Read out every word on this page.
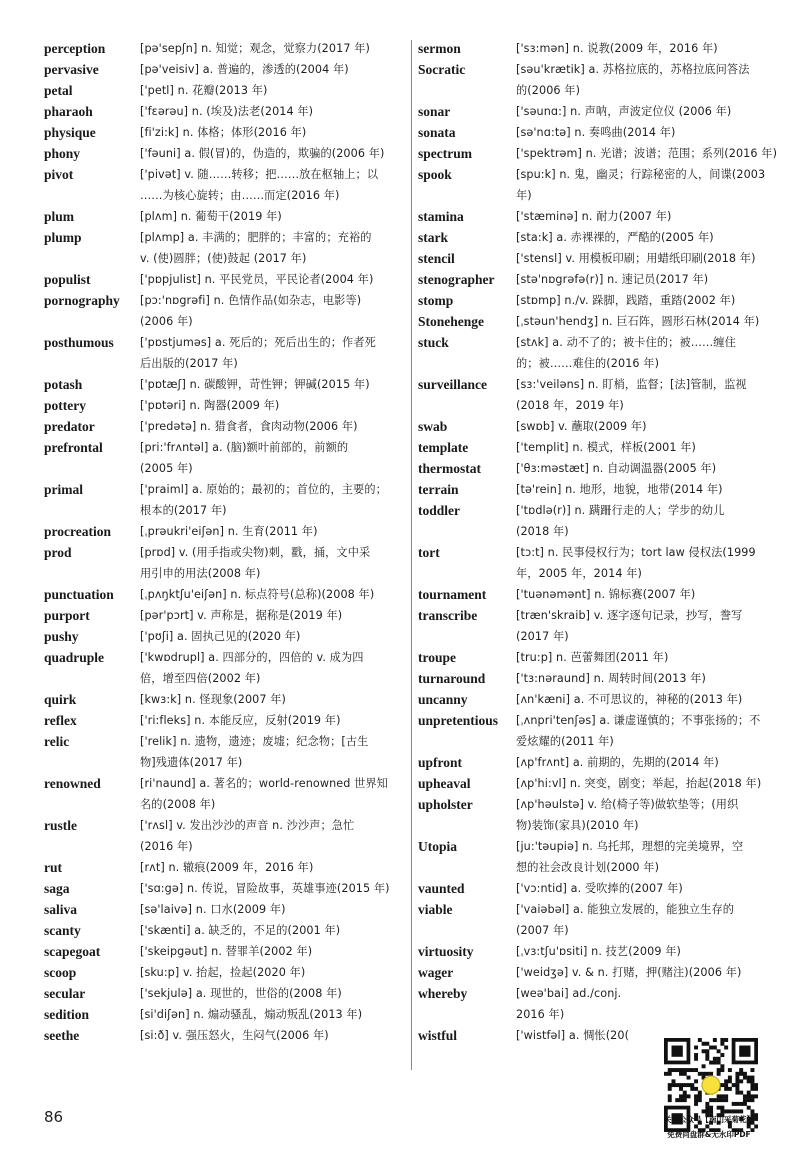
perception	[pə'sepʃn] n. 知觉；观念，觉察力(2017 年)
pervasive	[pə'veisiv] a. 普遍的，渗透的(2004 年)
petal	['petl] n. 花瓣(2013 年)
pharaoh	['fɛərəu] n. (埃及)法老(2014 年)
physique	[fi'zi:k] n. 体格；体形(2016 年)
phony	['fəuni] a. 假(冒)的，伪造的，欺骗的(2006 年)
pivot	['pivət] v. 随……转移；把……放在枢轴上；以
……为核心旋转；由……而定(2016 年)
plum	[plʌm] n. 葡萄干(2019 年)
plump	[plʌmp] a. 丰满的；肥胖的；丰富的；充裕的
v. (使)圆胖；(使)鼓起 (2017 年)
populist	['pɒpjulist] n. 平民党员，平民论者(2004 年)
pornography	[pɔ:'nɒgrəfi] n. 色情作品(如杂志，电影等)
(2006 年)
posthumous	['pɒstjuməs] a. 死后的；死后出生的；作者死
后出版的(2017 年)
potash	['pɒtæʃ] n. 碳酸钾，苛性钾；钾碱(2015 年)
pottery	['pɒtəri] n. 陶器(2009 年)
predator	['predətə] n. 猎食者，食肉动物(2006 年)
prefrontal	[pri:'frʌntəl] a. (脑)额叶前部的，前额的
(2005 年)
primal	['praiml] a. 原始的；最初的；首位的，主要的；
根本的(2017 年)
procreation	[ˌprəukri'eiʃən] n. 生育(2011 年)
prod	[prɒd] v. (用手指或尖物)刺，戳，捅，文中采
用引申的用法(2008 年)
punctuation	[ˌpʌŋktʃu'eiʃən] n. 标点符号(总称)(2008 年)
purport	[pər'pɔrt] v. 声称是，据称是(2019 年)
pushy	['pʊʃi] a. 固执己见的(2020 年)
quadruple	['kwɒdrupl] a. 四部分的，四倍的 v. 成为四
倍，增至四倍(2002 年)
quirk	[kwɜ:k] n. 怪现象(2007 年)
reflex	['ri:fleks] n. 本能反应，反射(2019 年)
relic	['relik] n. 遗物，遗迹；废墟；纪念物；[古生
物]残遗体(2017 年)
renowned	[ri'naund] a. 著名的；world-renowned 世界知
名的(2008 年)
rustle	['rʌsl] v. 发出沙沙的声音 n. 沙沙声；急忙
(2016 年)
rut	[rʌt] n. 辙痕(2009 年，2016 年)
saga	['sɑ:gə] n. 传说，冒险故事，英雄事迹(2015 年)
saliva	[sə'laivə] n. 口水(2009 年)
scanty	['skænti] a. 缺乏的，不足的(2001 年)
scapegoat	['skeipgəut] n. 替罪羊(2002 年)
scoop	[sku:p] v. 抬起，捡起(2020 年)
secular	['sekjulə] a. 现世的，世俗的(2008 年)
sedition	[si'diʃən] n. 煽动骚乱，煽动叛乱(2013 年)
seethe	[si:ð] v. 强压怒火，生闷气(2006 年)
sermon	['sɜ:mən] n. 说教(2009 年，2016 年)
Socratic	[səu'krætik] a. 苏格拉底的，苏格拉底问答法
的(2006 年)
sonar	['səunɑ:] n. 声呐，声波定位仪 (2006 年)
sonata	[sə'nɑ:tə] n. 奏鸣曲(2014 年)
spectrum	['spektrəm] n. 光谱；波谱；范围；系列(2016 年)
spook	[spu:k] n. 鬼，幽灵；行踪秘密的人，间谍(2003
年)
stamina	['stæminə] n. 耐力(2007 年)
stark	[sta:k] a. 赤裸裸的，严酷的(2005 年)
stencil	['stensl] v. 用模板印刷；用蜡纸印刷(2018 年)
stenographer	[stə'nɒgrəfə(r)] n. 速记员(2017 年)
stomp	[stɒmp] n./v. 跺脚，践踏，重踏(2002 年)
Stonehenge	[ˌstəun'hendʒ] n. 巨石阵，圆形石林(2014 年)
stuck	[stʌk] a. 动不了的；被卡住的；被……缠住
的；被……难住的(2016 年)
surveillance	[sɜ:'veiləns] n. 盯梢，监督；[法]管制，监视
(2018 年，2019 年)
swab	[swɒb] v. 蘸取(2009 年)
template	['templit] n. 模式，样板(2001 年)
thermostat	['θɜ:məstæt] n. 自动调温器(2005 年)
terrain	[tə'rein] n. 地形，地貌，地带(2014 年)
toddler	['tɒdlə(r)] n. 蹒跚行走的人；学步的幼儿
(2018 年)
tort	[tɔ:t] n. 民事侵权行为；tort law 侵权法(1999
年，2005 年，2014 年)
tournament	['tuənəmənt] n. 锦标赛(2007 年)
transcribe	[træn'skraib] v. 逐字逐句记录，抄写，誊写
(2017 年)
troupe	[tru:p] n. 芭蕾舞团(2011 年)
turnaround	['tɜ:nəraund] n. 周转时间(2013 年)
uncanny	[ʌn'kæni] a. 不可思议的，神秘的(2013 年)
unpretentious	[ˌʌnpri'tenʃəs] a. 谦虚谨慎的；不事张扬的；不
爱炫耀的(2011 年)
upfront	[ʌp'frʌnt] a. 前期的，先期的(2014 年)
upheaval	[ʌp'hi:vl] n. 突变，剧变；举起，抬起(2018 年)
upholster	[ʌp'həulstə] v. 给(椅子等)做软垫等；(用织
物)装饰(家具)(2010 年)
Utopia	[ju:'təupiə] n. 乌托邦，理想的完美境界，空
想的社会改良计划(2000 年)
vaunted	['vɔ:ntid] a. 受吹捧的(2007 年)
viable	['vaiəbəl] a. 能独立发展的，能独立生存的
(2007 年)
virtuosity	[ˌvɜ:tʃu'ɒsiti] n. 技艺(2009 年)
wager	['weidʒə] v. & n. 打赌，押(赌注)(2006 年)
whereby	[weə'bai] ad./conj.
2016 年)
wistful	['wistfəl] a. 惆怅(20(
86	关注公众号【南山采菊花】
免费同盘群&无水印PDF
